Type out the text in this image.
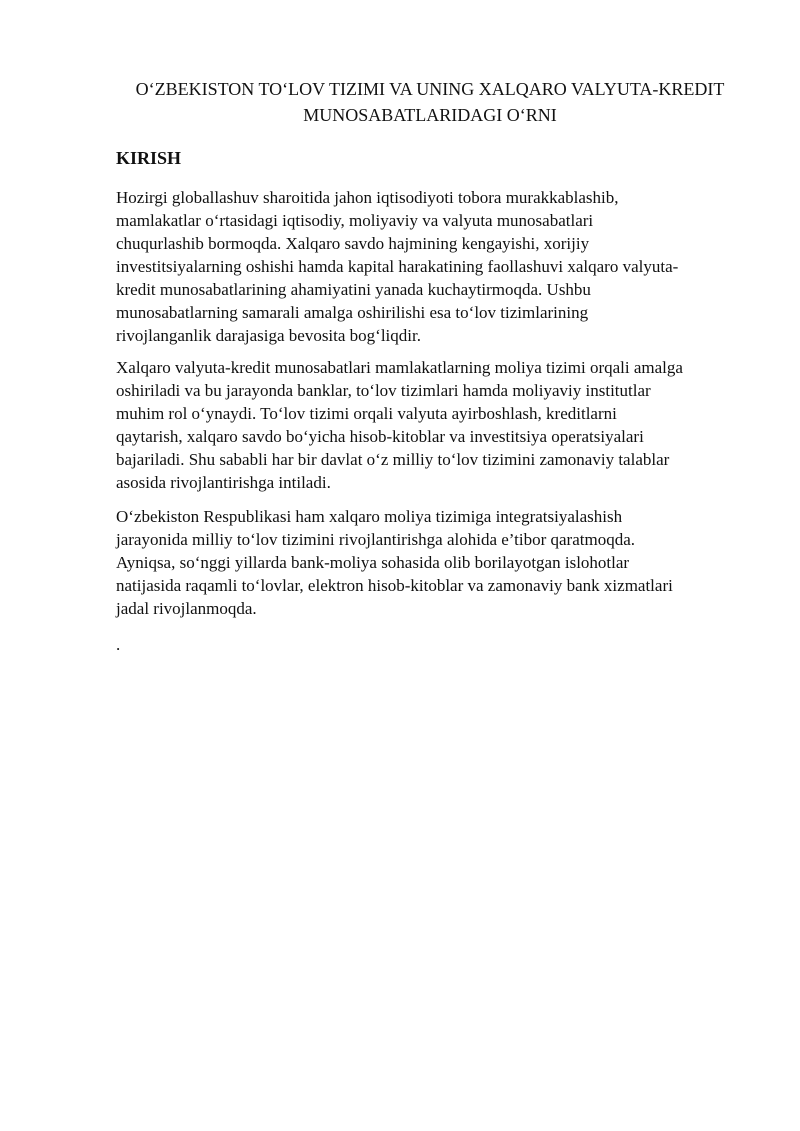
O‘ZBEKISTON TO‘LOV TIZIMI VA UNING XALQARO VALYUTA-KREDIT
MUNOSABATLARIDAGI O‘RNI
KIRISH
Hozirgi globallashuv sharoitida jahon iqtisodiyoti tobora murakkablashib,
mamlakatlar o‘rtasidagi iqtisodiy, moliyaviy va valyuta munosabatlari
chuqurlashib bormoqda. Xalqaro savdo hajmining kengayishi, xorijiy
investitsiyalarning oshishi hamda kapital harakatining faollashuvi xalqaro valyuta-
kredit munosabatlarining ahamiyatini yanada kuchaytirmoqda. Ushbu
munosabatlarning samarali amalga oshirilishi esa to‘lov tizimlarining
rivojlanganlik darajasiga bevosita bog‘liqdir.
Xalqaro valyuta-kredit munosabatlari mamlakatlarning moliya tizimi orqali amalga
oshiriladi va bu jarayonda banklar, to‘lov tizimlari hamda moliyaviy institutlar
muhim rol o‘ynaydi. To‘lov tizimi orqali valyuta ayirboshlash, kreditlarni
qaytarish, xalqaro savdo bo‘yicha hisob-kitoblar va investitsiya operatsiyalari
bajariladi. Shu sababli har bir davlat o‘z milliy to‘lov tizimini zamonaviy talablar
asosida rivojlantirishga intiladi.
O‘zbekiston Respublikasi ham xalqaro moliya tizimiga integratsiyalashish
jarayonida milliy to‘lov tizimini rivojlantirishga alohida e’tibor qaratmoqda.
Ayniqsa, so‘nggi yillarda bank-moliya sohasida olib borilayotgan islohotlar
natijasida raqamli to‘lovlar, elektron hisob-kitoblar va zamonaviy bank xizmatlari
jadal rivojlanmoqda.
.
